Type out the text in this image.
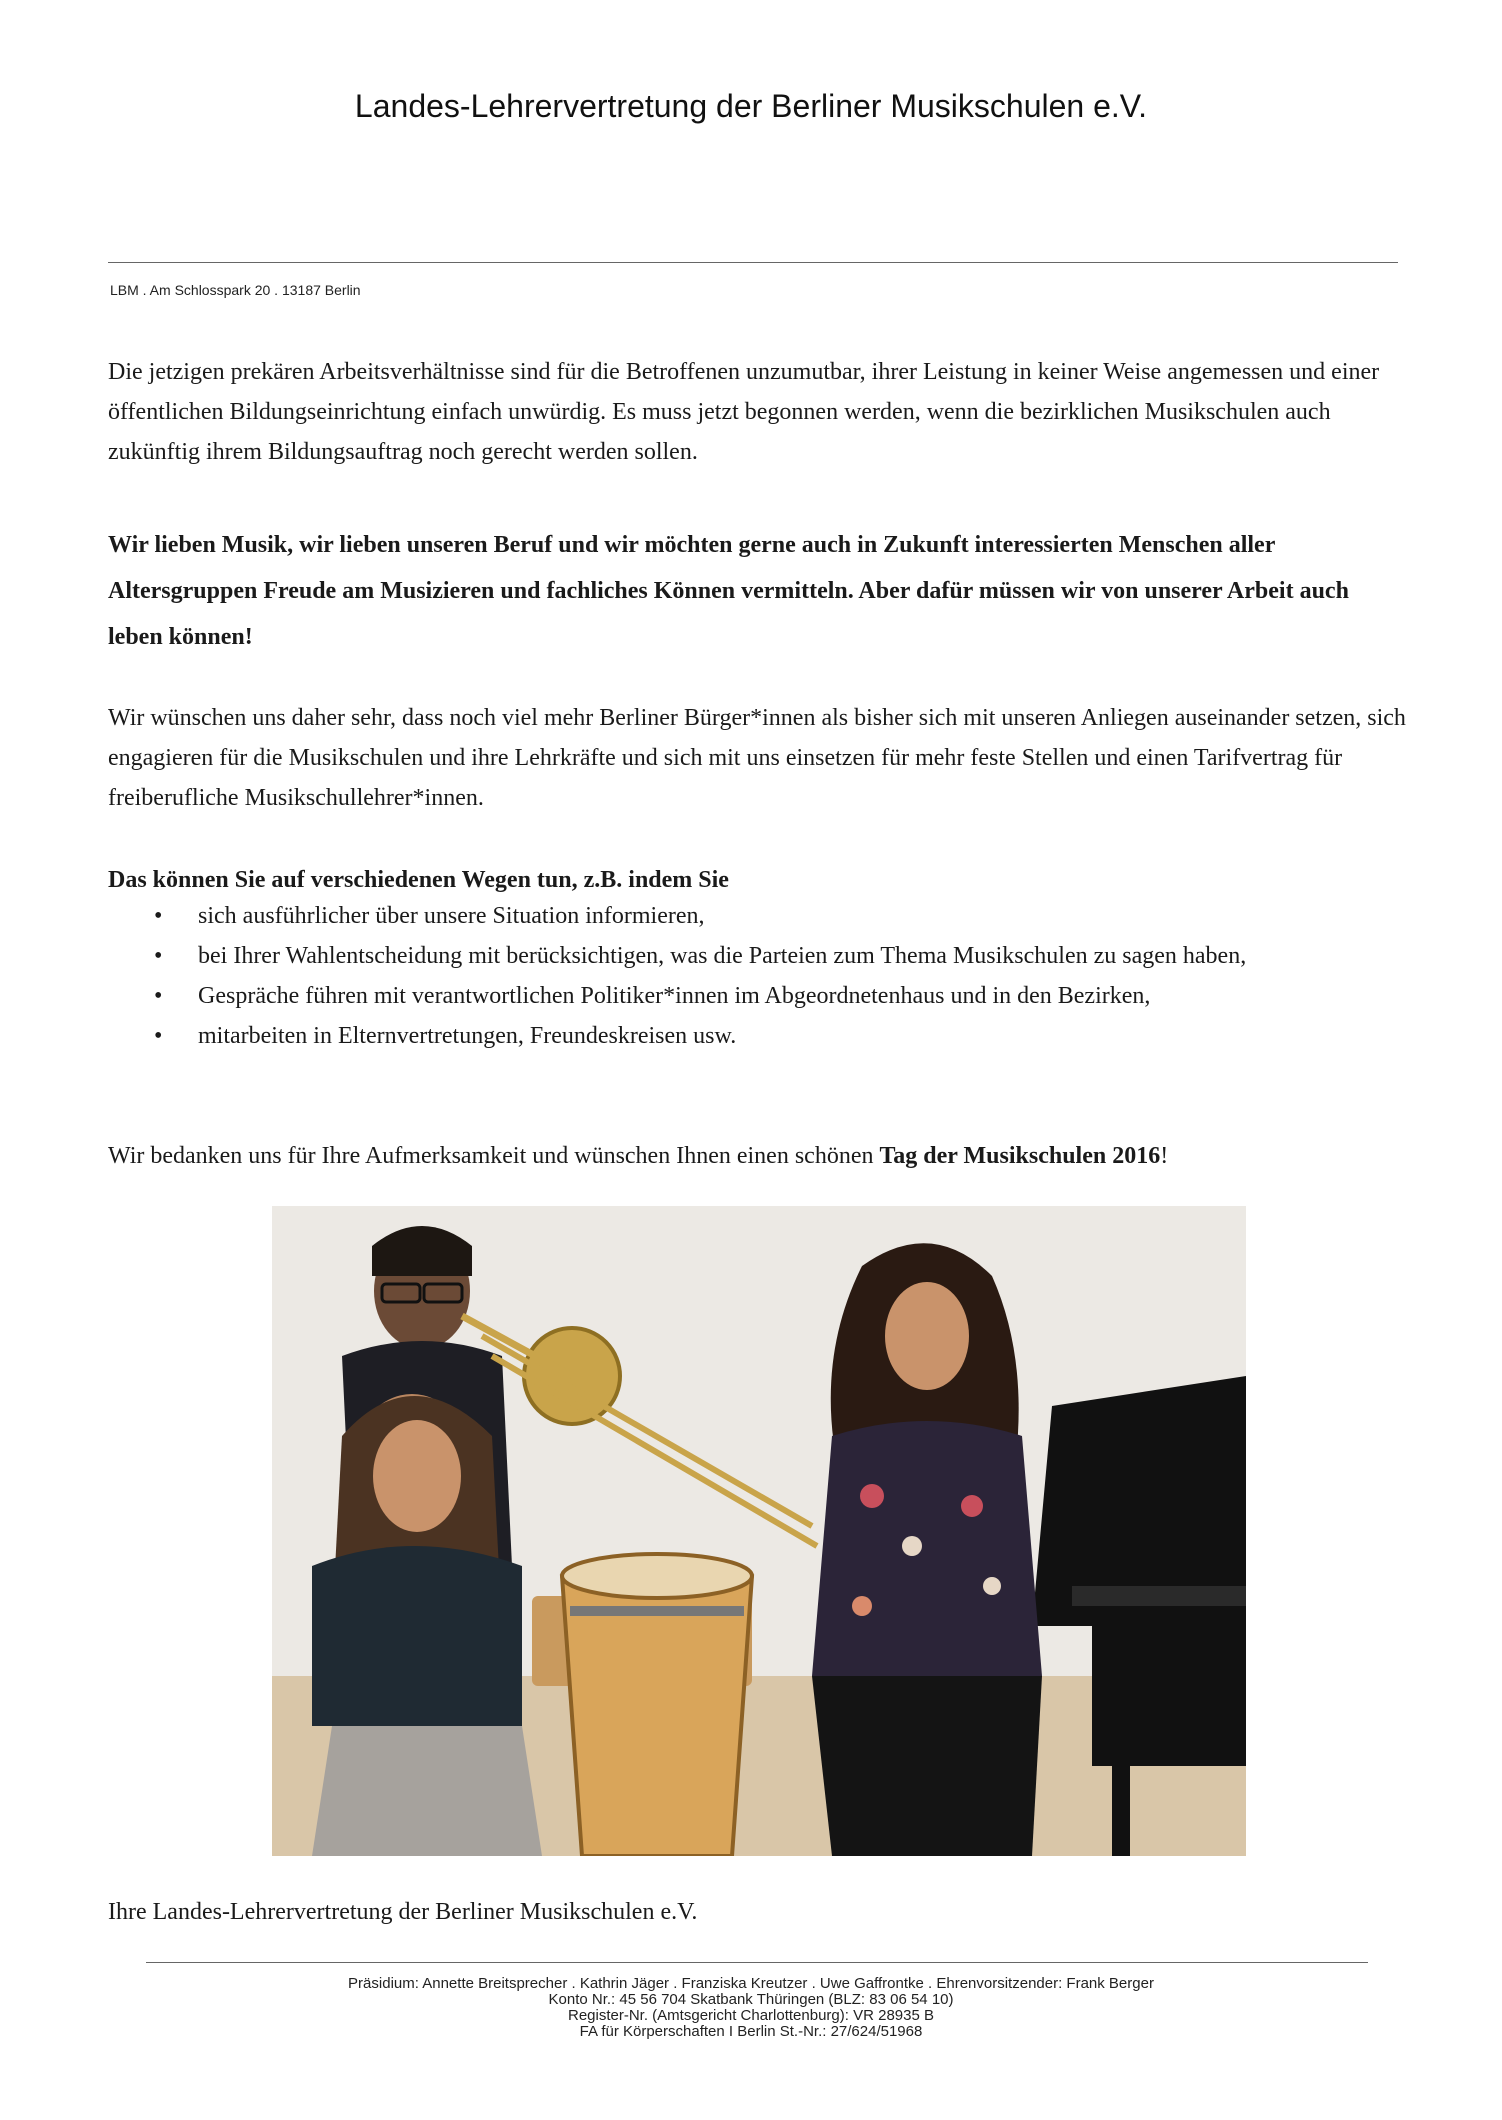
Landes-Lehrervertretung der Berliner Musikschulen e.V.
LBM . Am Schlosspark 20 . 13187 Berlin
Die jetzigen prekären Arbeitsverhältnisse sind für die Betroffenen unzumutbar, ihrer Leistung in keiner Weise angemessen und einer öffentlichen Bildungseinrichtung einfach unwürdig. Es muss jetzt begonnen werden, wenn die bezirklichen Musikschulen auch zukünftig ihrem Bildungsauftrag noch gerecht werden sollen.
Wir lieben Musik, wir lieben unseren Beruf und wir möchten gerne auch in Zukunft interessierten Menschen aller Altersgruppen Freude am Musizieren und fachliches Können vermitteln. Aber dafür müssen wir von unserer Arbeit auch leben können!
Wir wünschen uns daher sehr, dass noch viel mehr Berliner Bürger*innen als bisher sich mit unseren Anliegen auseinander setzen, sich engagieren für die Musikschulen und ihre Lehrkräfte und sich mit uns einsetzen für mehr feste Stellen und einen Tarifvertrag für freiberufliche Musikschullehrer*innen.
Das können Sie auf verschiedenen Wegen tun, z.B. indem Sie
• sich ausführlicher über unsere Situation informieren,
• bei Ihrer Wahlentscheidung mit berücksichtigen, was die Parteien zum Thema Musikschulen zu sagen haben,
• Gespräche führen mit verantwortlichen Politiker*innen im Abgeordnetenhaus und in den Bezirken,
• mitarbeiten in Elternvertretungen, Freundeskreisen usw.
Wir bedanken uns für Ihre Aufmerksamkeit und wünschen Ihnen einen schönen Tag der Musikschulen 2016!
Ihre Landes-Lehrervertretung der Berliner Musikschulen e.V.
Präsidium: Annette Breitsprecher . Kathrin Jäger . Franziska Kreutzer . Uwe Gaffrontke . Ehrenvorsitzender: Frank Berger
Konto Nr.: 45 56 704 Skatbank Thüringen (BLZ: 83 06 54 10)
Register-Nr. (Amtsgericht Charlottenburg): VR 28935 B
FA für Körperschaften I Berlin St.-Nr.: 27/624/51968
